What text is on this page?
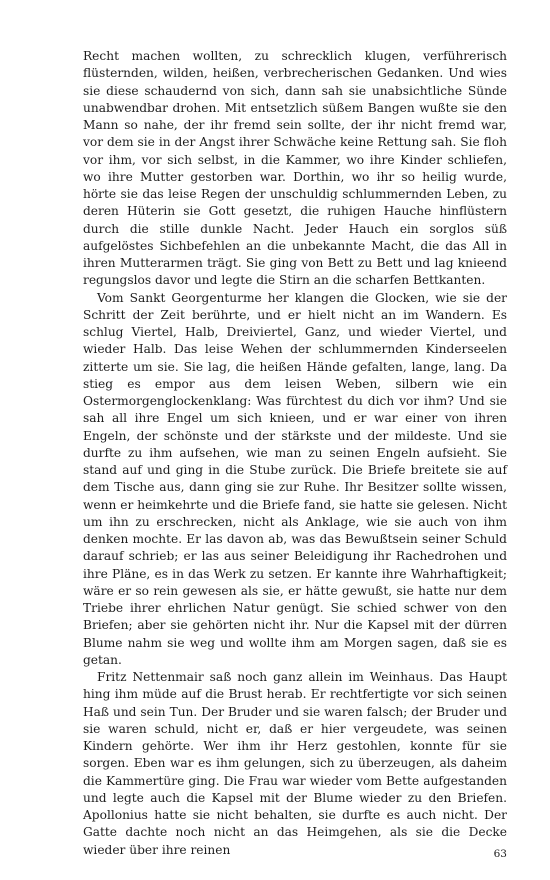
Recht machen wollten, zu schrecklich klugen, verführerisch flüsternden, wilden, heißen, verbrecherischen Gedanken. Und wies sie diese schaudernd von sich, dann sah sie unabsichtliche Sünde unabwendbar drohen. Mit entsetzlich süßem Bangen wußte sie den Mann so nahe, der ihr fremd sein sollte, der ihr nicht fremd war, vor dem sie in der Angst ihrer Schwäche keine Rettung sah. Sie floh vor ihm, vor sich selbst, in die Kammer, wo ihre Kinder schliefen, wo ihre Mutter gestorben war. Dorthin, wo ihr so heilig wurde, hörte sie das leise Regen der unschuldig schlummernden Leben, zu deren Hüterin sie Gott gesetzt, die ruhigen Hauche hinflüstern durch die stille dunkle Nacht. Jeder Hauch ein sorglos süß aufgelöstes Sichbefehlen an die unbekannte Macht, die das All in ihren Mutterarmen trägt. Sie ging von Bett zu Bett und lag knieend regungslos davor und legte die Stirn an die scharfen Bettkanten.

Vom Sankt Georgenturme her klangen die Glocken, wie sie der Schritt der Zeit berührte, und er hielt nicht an im Wandern. Es schlug Viertel, Halb, Dreiviertel, Ganz, und wieder Viertel, und wieder Halb. Das leise Wehen der schlummernden Kinderseelen zitterte um sie. Sie lag, die heißen Hände gefalten, lange, lang. Da stieg es empor aus dem leisen Weben, silbern wie ein Ostermorgenglockenklang: Was fürchtest du dich vor ihm? Und sie sah all ihre Engel um sich knieen, und er war einer von ihren Engeln, der schönste und der stärkste und der mildeste. Und sie durfte zu ihm aufsehen, wie man zu seinen Engeln aufsieht. Sie stand auf und ging in die Stube zurück. Die Briefe breitete sie auf dem Tische aus, dann ging sie zur Ruhe. Ihr Besitzer sollte wissen, wenn er heimkehrte und die Briefe fand, sie hatte sie gelesen. Nicht um ihn zu erschrecken, nicht als Anklage, wie sie auch von ihm denken mochte. Er las davon ab, was das Bewußtsein seiner Schuld darauf schrieb; er las aus seiner Beleidigung ihr Rachedrohen und ihre Pläne, es in das Werk zu setzen. Er kannte ihre Wahrhaftigkeit; wäre er so rein gewesen als sie, er hätte gewußt, sie hatte nur dem Triebe ihrer ehrlichen Natur genügt. Sie schied schwer von den Briefen; aber sie gehörten nicht ihr. Nur die Kapsel mit der dürren Blume nahm sie weg und wollte ihm am Morgen sagen, daß sie es getan.

Fritz Nettenmair saß noch ganz allein im Weinhaus. Das Haupt hing ihm müde auf die Brust herab. Er rechtfertigte vor sich seinen Haß und sein Tun. Der Bruder und sie waren falsch; der Bruder und sie waren schuld, nicht er, daß er hier vergeudete, was seinen Kindern gehörte. Wer ihm ihr Herz gestohlen, konnte für sie sorgen. Eben war es ihm gelungen, sich zu überzeugen, als daheim die Kammertüre ging. Die Frau war wieder vom Bette aufgestanden und legte auch die Kapsel mit der Blume wieder zu den Briefen. Apollonius hatte sie nicht behalten, sie durfte es auch nicht. Der Gatte dachte noch nicht an das Heimgehen, als sie die Decke wieder über ihre reinen	63
